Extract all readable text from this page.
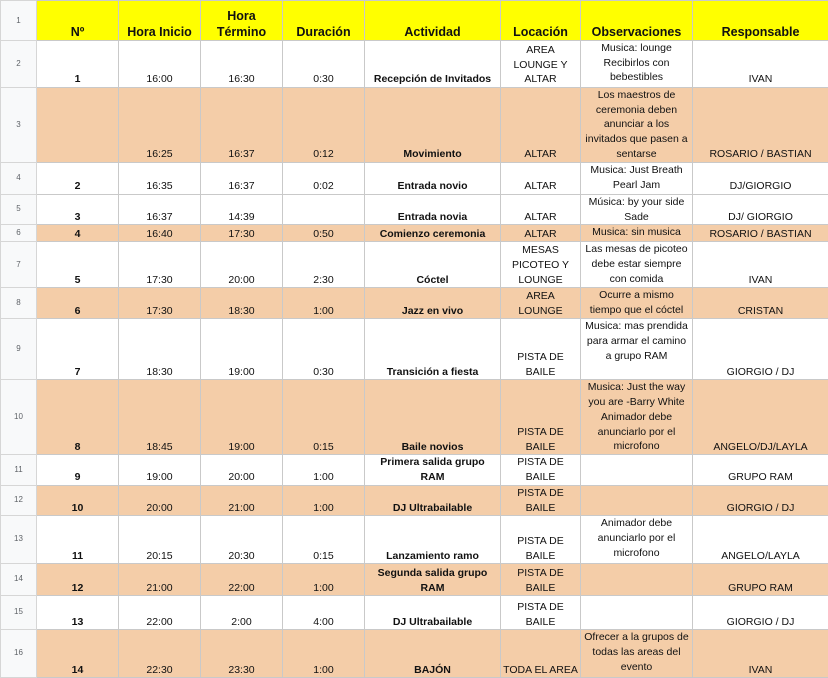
1	Nº	Hora Inicio	Hora Término	Duración	Actividad	Locación	Observaciones	Responsable
2	1	16:00	16:30	0:30	Recepción de Invitados	AREA LOUNGE Y ALTAR	Musica: lounge Recibirlos con bebestibles	IVAN
3		16:25	16:37	0:12	Movimiento	ALTAR	Los maestros de ceremonia deben anunciar a los invitados que pasen a sentarse	ROSARIO / BASTIAN
4	2	16:35	16:37	0:02	Entrada novio	ALTAR	Musica: Just Breath Pearl Jam	DJ/GIORGIO
5	3	16:37	14:39		Entrada novia	ALTAR	Música: by your side Sade	DJ/ GIORGIO
6	4	16:40	17:30	0:50	Comienzo ceremonia	ALTAR	Musica: sin musica	ROSARIO / BASTIAN
7	5	17:30	20:00	2:30	Cóctel	MESAS PICOTEO Y LOUNGE	Las mesas de picoteo debe estar siempre con comida	IVAN
8	6	17:30	18:30	1:00	Jazz en vivo	AREA LOUNGE	Ocurre a mismo tiempo que el cóctel	CRISTAN
9	7	18:30	19:00	0:30	Transición a fiesta	PISTA DE BAILE	Musica: mas prendida para armar el camino a grupo RAM	GIORGIO / DJ
10	8	18:45	19:00	0:15	Baile novios	PISTA DE BAILE	Musica: Just the way you are -Barry White Animador debe anunciarlo por el microfono	ANGELO/DJ/LAYLA
11	9	19:00	20:00	1:00	Primera salida grupo RAM	PISTA DE BAILE		GRUPO RAM
12	10	20:00	21:00	1:00	DJ Ultrabailable	PISTA DE BAILE		GIORGIO / DJ
13	11	20:15	20:30	0:15	Lanzamiento ramo	PISTA DE BAILE	Animador debe anunciarlo por el microfono	ANGELO/LAYLA
14	12	21:00	22:00	1:00	Segunda salida grupo RAM	PISTA DE BAILE		GRUPO RAM
15	13	22:00	2:00	4:00	DJ Ultrabailable	PISTA DE BAILE		GIORGIO / DJ
16	14	22:30	23:30	1:00	BAJÓN	TODA EL AREA	Ofrecer a la grupos de todas las areas del evento	IVAN
